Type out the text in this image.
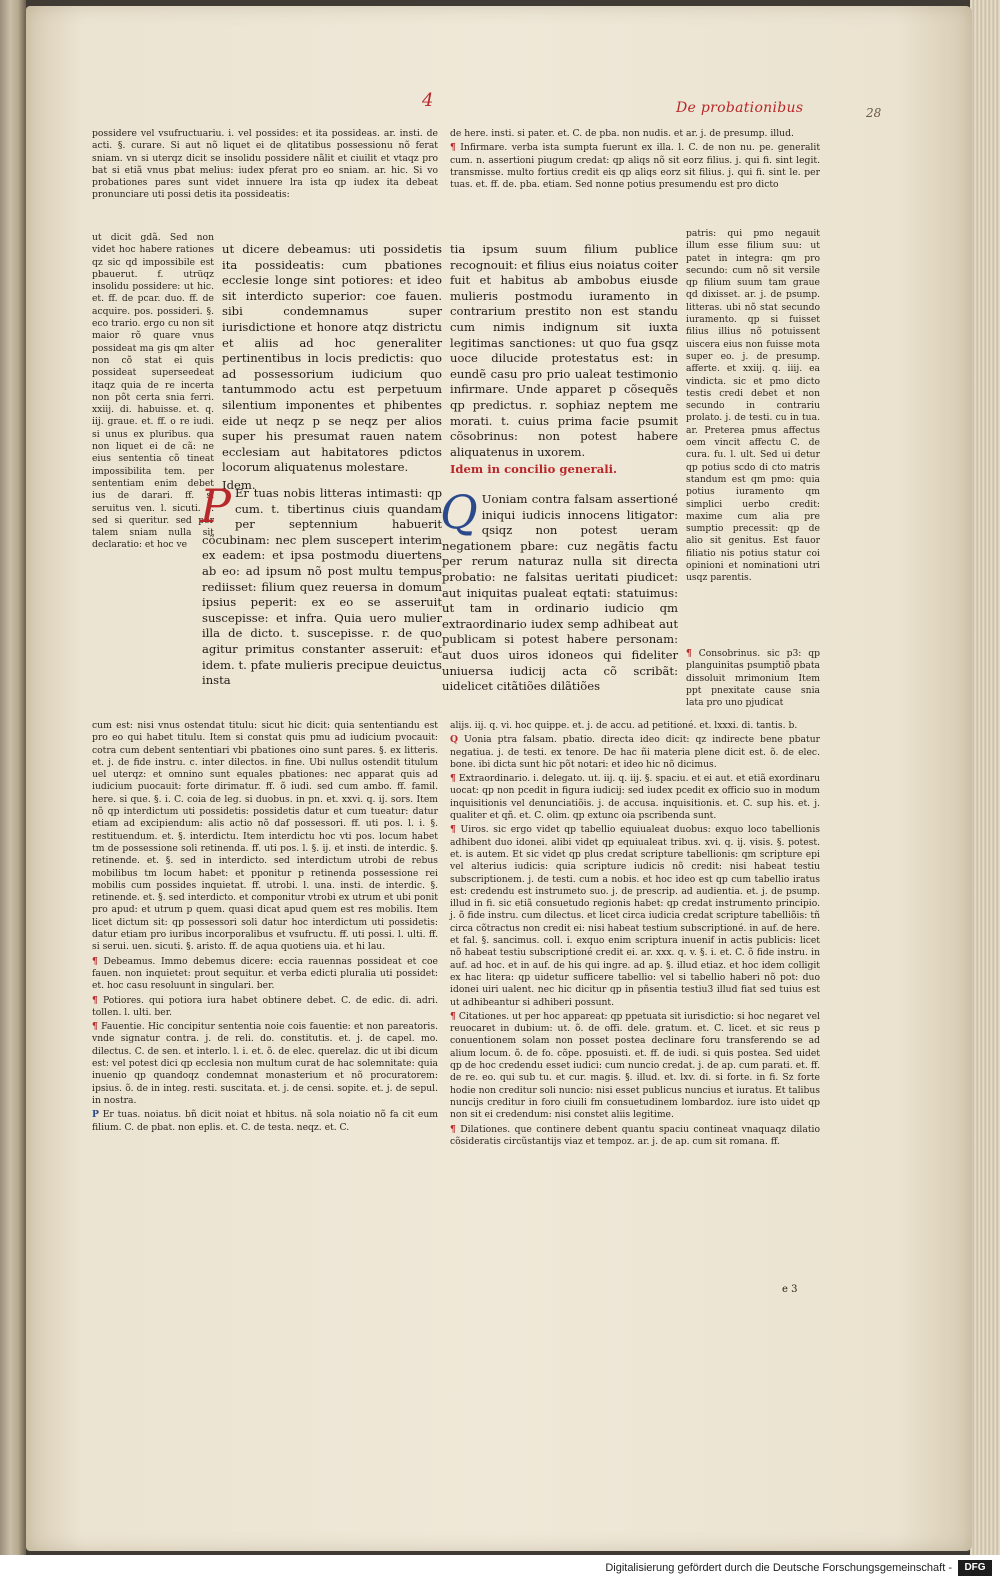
4	De probationibus	28

possidere vel vsufructuariu. i. vel possides: et ita possideas. ar. insti. de acti. §. curare. Si aut nõ liquet ei de qlitatibus possessionu nõ ferat sniam. vn si uterqz dicit se insolidu possidere nãlit et ciuilit et vtaqz pro bat si etiã vnus pbat melius: iudex pferat pro eo sniam. ar. hic. Si vo probationes pares sunt videt innuere lra ista qp iudex ita debeat pronunciare uti possi detis ita possideatis:

ut dicit gdã. Sed non videt hoc habere rationes qz sic qd impossibile est pbauerut. f. utrüqz insolidu possidere: ut hic. et. ff. de pcar. duo. ff. de acquire. pos. possideri. §. eco trario. ergo cu non sit maior rõ quare vnus possideat ma gis qm alter non cõ stat ei quis possideat superseedeat itaqz quia de re incerta non põt certa snia ferri. xxiij. di. habuisse. et. q. iij. graue. et. ff. o re iudi. si unus ex pluribus. qua non liquet ei de cã: ne eius sententia cõ tineat impossibilita tem. per sententiam enim debet ius de darari. ff. si seruitus ven. l. sicuti. §. sed si queritur. sed per talem sniam nulla sit declaratio: et hoc ve

ut dicere debeamus: uti possidetis ita possideatis: cum pbationes ecclesie longe sint potiores: et ideo sit interdicto superior: coe fauen. sibi condemnamus super iurisdictione et honore atqz districtu et aliis ad hoc generaliter pertinentibus in locis predictis: quo ad possessorium iudicium quo tantummodo actu est perpetuum silentium imponentes et phibentes eide ut neqz p se neqz per alios super his presumat rauen natem ecclesiam aut habitatores pdictos locorum aliquatenus molestare.

Idem.

P Er tuas nobis litteras intimasti: qp cum. t. tibertinus ciuis quandam per septennium habuerit cõcubinam: nec plem suscepert interim ex eadem: et ipsa postmodu diuertens ab eo: ad ipsum nõ post multu tempus rediisset: filium quez reuersa in domum ipsius peperit: ex eo se asseruit suscepisse: et infra. Quia uero mulier illa de dicto. t. suscepisse. r. de quo agitur primitus constanter asseruit: et idem. t. pfate mulieris precipue deuictus insta

tia ipsum suum filium publice recognouit: et filius eius noiatus coiter fuit et habitus ab ambobus eiusde mulieris postmodu iuramento in contrarium prestito non est standu cum nimis indignum sit iuxta legitimas sanctiones: ut quo fua gsqz uoce dilucide protestatus est: in eundẽ casu pro prio ualeat testimonio infirmare. Unde apparet p cõsequẽs qp predictus. r. sophiaz neptem me morati. t. cuius prima facie psumit cõsobrinus: non potest habere aliquatenus in uxorem.

Idem in concilio generali.

Q Uoniam contra falsam assertioné iniqui iudicis innocens litigator: qsiqz non potest ueram negationem pbare: cuz negãtis factu per rerum naturaz nulla sit directa probatio: ne falsitas ueritati piudicet: aut iniquitas pualeat eqtati: statuimus: ut tam in ordinario iudicio qm extraordinario iudex semp adhibeat aut publicam si potest habere personam: aut duos uiros idoneos qui fideliter uniuersa iudicij acta cõ scribãt: uidelicet citãtiões dilãtiões

de here. insti. si pater. et. C. de pba. non nudis. et ar. j. de presump. illud.

¶ Infirmare. verba ista sumpta fuerunt ex illa. l. C. de non nu. pe. generalit cum. n. assertioni piugum credat: qp aliqs nõ sit eorz filius. j. qui fi. sint legit. transmisse. multo fortius credit eis qp aliqs eorz sit filius. j. qui fi. sint le. per tuas. et. ff. de. pba. etiam. Sed nonne potius presumendu est pro dicto

patris: qui pmo negauit illum esse filium suu: ut patet in integra: qm pro secundo: cum nõ sit versile qp filium suum tam graue qd dixisset. ar. j. de psump. litteras. ubi nõ stat secundo iuramento. qp si fuisset filius illius nõ potuissent uiscera eius non fuisse mota super eo. j. de presump. afferte. et xxiij. q. iiij. ea vindicta. sic et pmo dicto testis credi debet et non secundo in contrariu prolato. j. de testi. cu in tua. ar. Preterea pmus affectus oem vincit affectu C. de cura. fu. l. ult. Sed ui detur qp potius scdo di cto matris standum est qm pmo: quia potius iuramento qm simplici uerbo credit: maxime cum alia pre sumptio precessit: qp de alio sit genitus. Est fauor filiatio nis potius statur coi opinioni et nominationi utri usqz parentis.

¶ Consobrinus. sic p3: qp planguinitas psumptiõ pbata dissoluit mrimonium Item ppt pnexitate cause snia lata pro uno pjudicat

cum est: nisi vnus ostendat titulu: sicut hic dicit: quia sententiandu est pro eo qui habet titulu. Item si constat quis pmu ad iudicium pvocauit: cotra cum debent sententiari vbi pbationes oino sunt pares. §. ex litteris. et. j. de fide instru. c. inter dilectos. in fine. Ubi nullus ostendit titulum uel uterqz: et omnino sunt equales pbationes: nec apparat quis ad iudicium puocauit: forte dirimatur. ff. õ iudi. sed cum ambo. ff. famil. here. si que. §. i. C. coia de leg. si duobus. in pn. et. xxvi. q. ij. sors. Item nõ qp interdictum uti possidetis: possidetis datur et cum tueatur: datur etiam ad excipiendum: alis actio nõ daf possessori. ff. uti pos. l. i. §. restituendum. et. §. interdictu. Item interdictu hoc vti pos. locum habet tm de possessione soli retinenda. ff. uti pos. l. §. ij. et insti. de interdic. §. retinende. et. §. sed in interdicto. sed interdictum utrobi de rebus mobilibus tm locum habet: et pponitur p retinenda possessione rei mobilis cum possides inquietat. ff. utrobi. l. una. insti. de interdic. §. retinende. et. §. sed interdicto. et componitur vtrobi ex utrum et ubi ponit pro apud: et utrum p quem. quasi dicat apud quem est res mobilis. Item licet dictum sit: qp possessori soli datur hoc interdictum uti possidetis: datur etiam pro iuribus incorporalibus et vsufructu. ff. uti possi. l. ulti. ff. si serui. uen. sicuti. §. aristo. ff. de aqua quotiens uia. et hi lau.

¶ Debeamus. Immo debemus dicere: eccia rauennas possideat et coe fauen. non inquietet: prout sequitur. et verba edicti pluralia uti possidet: et. hoc casu resoluunt in singulari. ber.

¶ Potiores. qui potiora iura habet obtinere debet. C. de edic. di. adri. tollen. l. ulti. ber.

¶ Fauentie. Hic concipitur sententia noie cois fauentie: et non pareatoris. vnde signatur contra. j. de reli. do. constitutis. et. j. de capel. mo. dilectus. C. de sen. et interlo. l. i. et. õ. de elec. querelaz. dic ut ibi dicum est: vel potest dici qp ecclesia non multum curat de hac solemnitate: quia inuenio qp quandoqz condemnat monasterium et nõ procuratorem: ipsius. õ. de in integ. resti. suscitata. et. j. de censi. sopite. et. j. de sepul. in nostra.

P Er tuas. noiatus. bñ dicit noiat et hbitus. nã sola noiatio nõ fa cit eum filium. C. de pbat. non eplis. et. C. de testa. neqz. et. C.

alijs. iij. q. vi. hoc quippe. et. j. de accu. ad petitioné. et. lxxxi. di. tantis. b.

Q Uonia ptra falsam. pbatio. directa ideo dicit: qz indirecte bene pbatur negatiua. j. de testi. ex tenore. De hac ñi materia plene dicit est. õ. de elec. bone. ibi dicta sunt hic põt notari: et ideo hic nõ dicimus.

¶ Extraordinario. i. delegato. ut. iij. q. iij. §. spaciu. et ei aut. et etiã exordinaru uocat: qp non pcedit in figura iudicij: sed iudex pcedit ex officio suo in modum inquisitionis vel denunciatiõis. j. de accusa. inquisitionis. et. C. sup his. et. j. qualiter et qñ. et. C. olim. qp extunc oia pscribenda sunt.

¶ Uiros. sic ergo videt qp tabellio equiualeat duobus: exquo loco tabellionis adhibent duo idonei. alibi videt qp equiualeat tribus. xvi. q. ij. visis. §. potest. et. is autem. Et sic videt qp plus credat scripture tabellionis: qm scripture epi vel alterius iudicis: quia scripture iudicis nõ credit: nisi habeat testiu subscriptionem. j. de testi. cum a nobis. et hoc ideo est qp cum tabellio iratus est: credendu est instrumeto suo. j. de prescrip. ad audientia. et. j. de psump. illud in fi. sic etiã consuetudo regionis habet: qp credat instrumento principio. j. õ fide instru. cum dilectus. et licet circa iudicia credat scripture tabelliõis: tñ circa cõtractus non credit ei: nisi habeat testium subscriptioné. in auf. de here. et fal. §. sancimus. coll. i. exquo enim scriptura inuenif in actis publicis: licet nõ habeat testiu subscriptioné credit ei. ar. xxx. q. v. §. i. et. C. õ fide instru. in auf. ad hoc. et in auf. de his qui ingre. ad ap. §. illud etiaz. et hoc idem colligit ex hac litera: qp uidetur sufficere tabellio: vel si tabellio haberi nõ pot: duo idonei uiri ualent. nec hic dicitur qp in pñsentia testiu3 illud fiat sed tuius est ut adhibeantur si adhiberi possunt.

¶ Citationes. ut per hoc appareat: qp ppetuata sit iurisdictio: si hoc negaret vel reuocaret in dubium: ut. õ. de offi. dele. gratum. et. C. licet. et sic reus p conuentionem solam non posset postea declinare foru transferendo se ad alium locum. õ. de fo. cõpe. pposuisti. et. ff. de iudi. si quis postea. Sed uidet qp de hoc credendu esset iudici: cum nuncio credat. j. de ap. cum parati. et. ff. de re. eo. qui sub tu. et cur. magis. §. illud. et. lxv. di. si forte. in fi. Sz forte hodie non creditur soli nuncio: nisi esset publicus nuncius et iuratus. Et talibus nuncijs creditur in foro ciuili fm consuetudinem lombardoz. iure isto uidet qp non sit ei credendum: nisi constet aliis legitime.

¶ Dilationes. que continere debent quantu spaciu contineat vnaquaqz dilatio cõsideratis circũstantijs viaz et tempoz. ar. j. de ap. cum sit romana. ff.

e 3
Digitalisierung gefördert durch die Deutsche Forschungsgemeinschaft -	DFG
